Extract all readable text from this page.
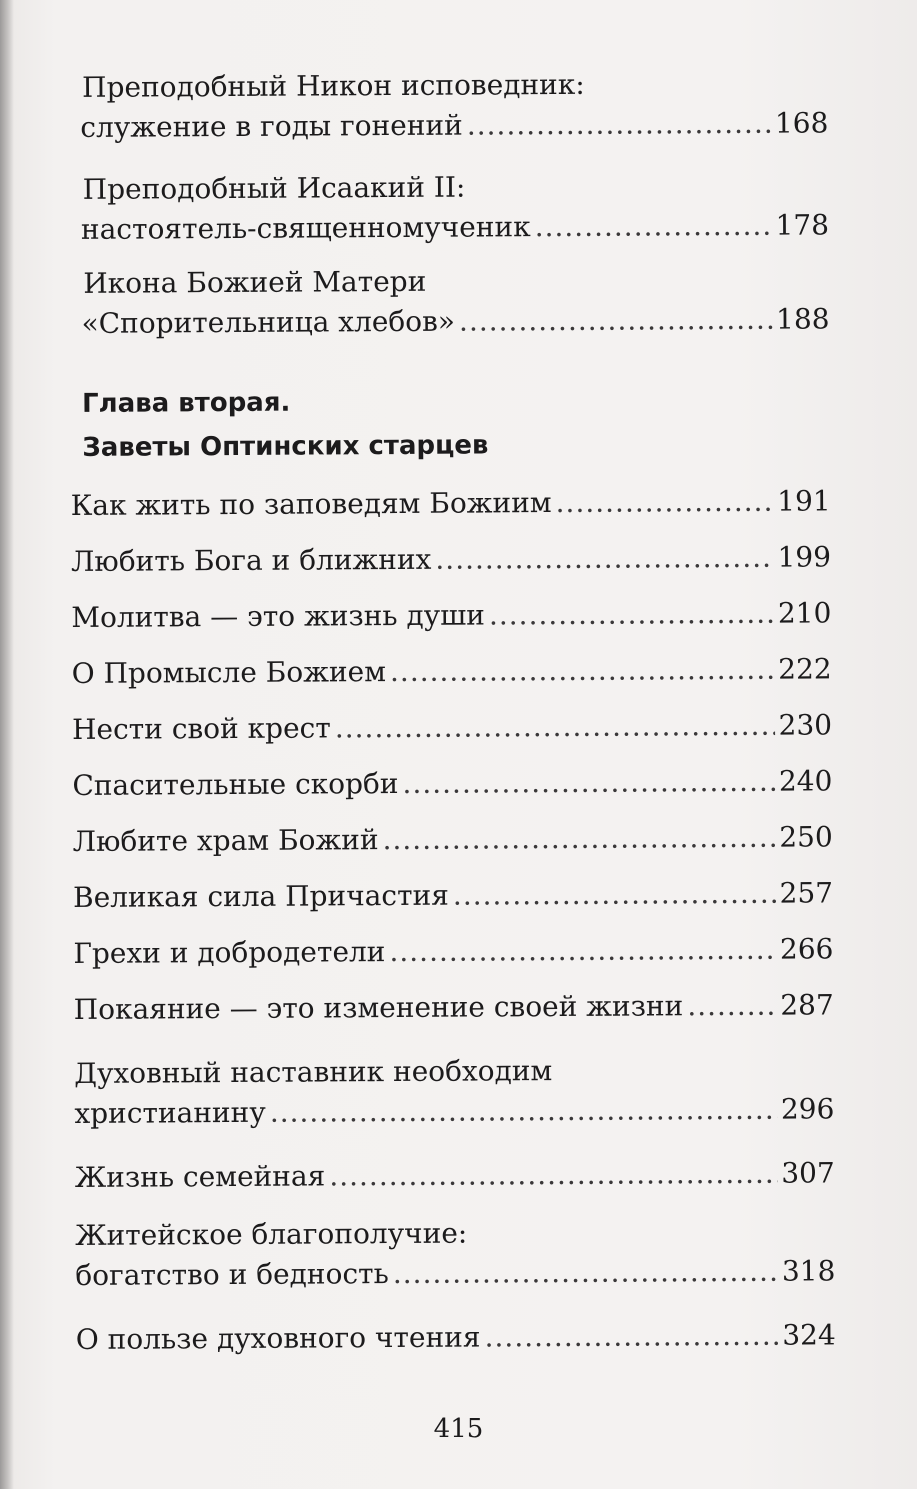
Преподобный Никон исповедник:
служение в годы гонений .....	168
Преподобный Исаакий II:
настоятель-священномученик .....	178
Икона Божией Матери
«Спорительница хлебов» .....	188
Глава вторая.
Заветы Оптинских старцев
Как жить по заповедям Божиим .....	191
Любить Бога и ближних .....	199
Молитва — это жизнь души .....	210
О Промысле Божием .....	222
Нести свой крест .....	230
Спасительные скорби .....	240
Любите храм Божий .....	250
Великая сила Причастия .....	257
Грехи и добродетели .....	266
Покаяние — это изменение своей жизни .....	287
Духовный наставник необходим
христианину .....	296
Жизнь семейная .....	307
Житейское благополучие:
богатство и бедность .....	318
О пользе духовного чтения .....	324
415
